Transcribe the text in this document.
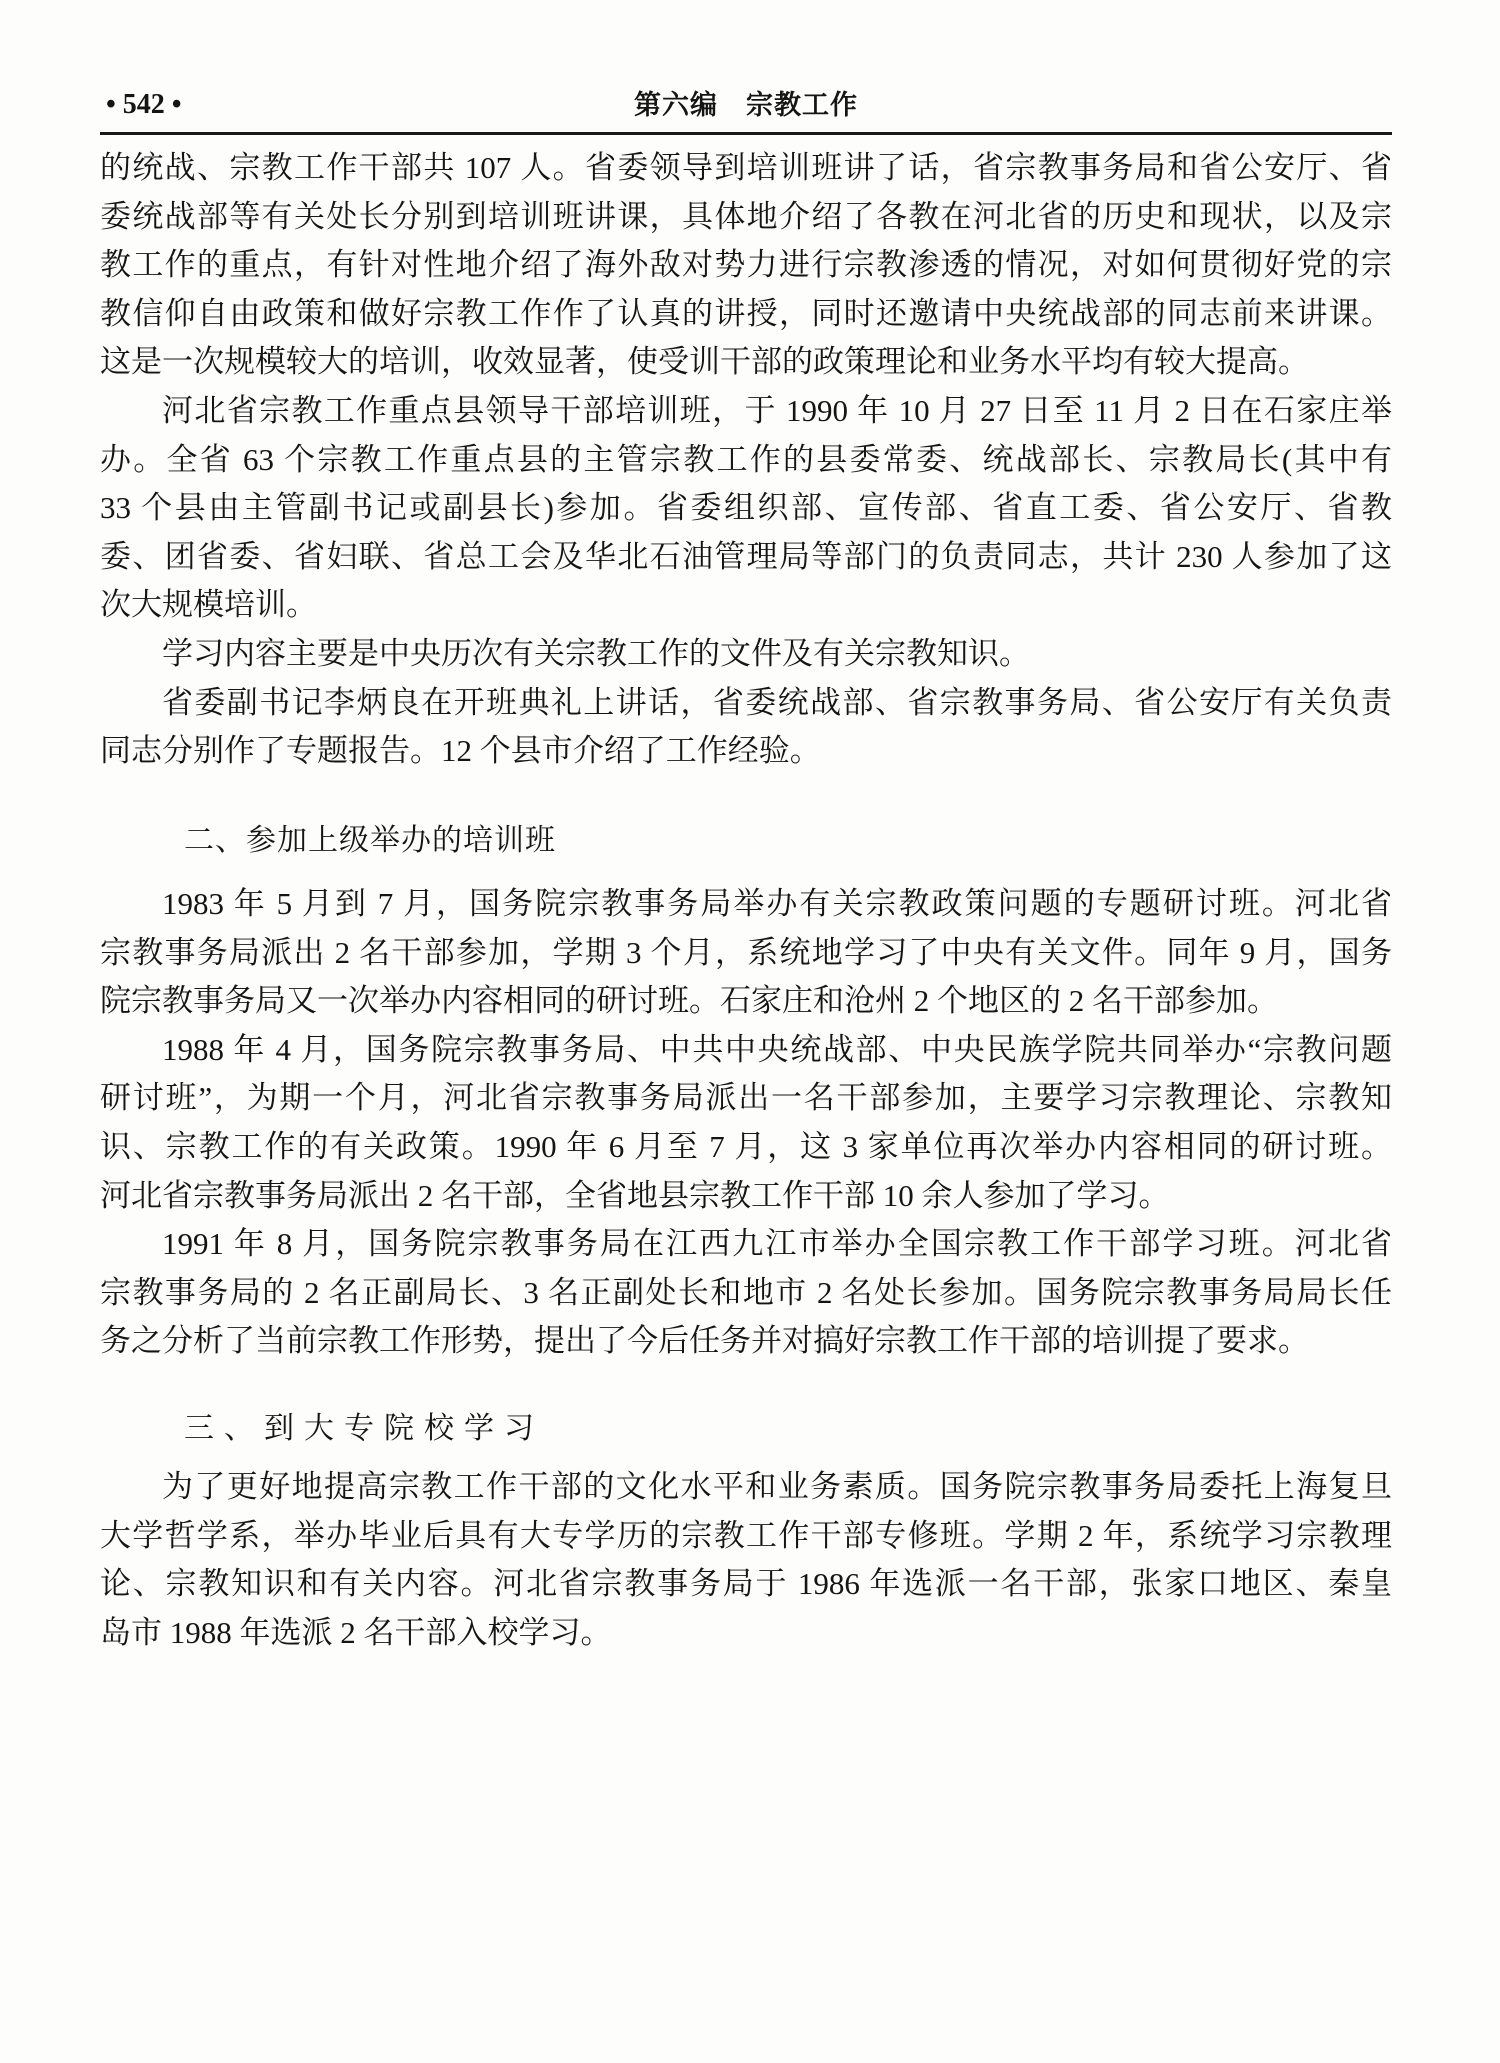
• 542 •	第六编　宗教工作
的统战、宗教工作干部共 107 人。省委领导到培训班讲了话，省宗教事务局和省公安厅、省
委统战部等有关处长分别到培训班讲课，具体地介绍了各教在河北省的历史和现状，以及宗
教工作的重点，有针对性地介绍了海外敌对势力进行宗教渗透的情况，对如何贯彻好党的宗
教信仰自由政策和做好宗教工作作了认真的讲授，同时还邀请中央统战部的同志前来讲课。
这是一次规模较大的培训，收效显著，使受训干部的政策理论和业务水平均有较大提高。
河北省宗教工作重点县领导干部培训班，于 1990 年 10 月 27 日至 11 月 2 日在石家庄举
办。全省 63 个宗教工作重点县的主管宗教工作的县委常委、统战部长、宗教局长(其中有
33 个县由主管副书记或副县长)参加。省委组织部、宣传部、省直工委、省公安厅、省教
委、团省委、省妇联、省总工会及华北石油管理局等部门的负责同志，共计 230 人参加了这
次大规模培训。
学习内容主要是中央历次有关宗教工作的文件及有关宗教知识。
省委副书记李炳良在开班典礼上讲话，省委统战部、省宗教事务局、省公安厅有关负责
同志分别作了专题报告。12 个县市介绍了工作经验。
二、参加上级举办的培训班
1983 年 5 月到 7 月，国务院宗教事务局举办有关宗教政策问题的专题研讨班。河北省
宗教事务局派出 2 名干部参加，学期 3 个月，系统地学习了中央有关文件。同年 9 月，国务
院宗教事务局又一次举办内容相同的研讨班。石家庄和沧州 2 个地区的 2 名干部参加。
1988 年 4 月，国务院宗教事务局、中共中央统战部、中央民族学院共同举办“宗教问题
研讨班”，为期一个月，河北省宗教事务局派出一名干部参加，主要学习宗教理论、宗教知
识、宗教工作的有关政策。1990 年 6 月至 7 月，这 3 家单位再次举办内容相同的研讨班。
河北省宗教事务局派出 2 名干部，全省地县宗教工作干部 10 余人参加了学习。
1991 年 8 月，国务院宗教事务局在江西九江市举办全国宗教工作干部学习班。河北省
宗教事务局的 2 名正副局长、3 名正副处长和地市 2 名处长参加。国务院宗教事务局局长任
务之分析了当前宗教工作形势，提出了今后任务并对搞好宗教工作干部的培训提了要求。
三、到大专院校学习
为了更好地提高宗教工作干部的文化水平和业务素质。国务院宗教事务局委托上海复旦
大学哲学系，举办毕业后具有大专学历的宗教工作干部专修班。学期 2 年，系统学习宗教理
论、宗教知识和有关内容。河北省宗教事务局于 1986 年选派一名干部，张家口地区、秦皇
岛市 1988 年选派 2 名干部入校学习。
